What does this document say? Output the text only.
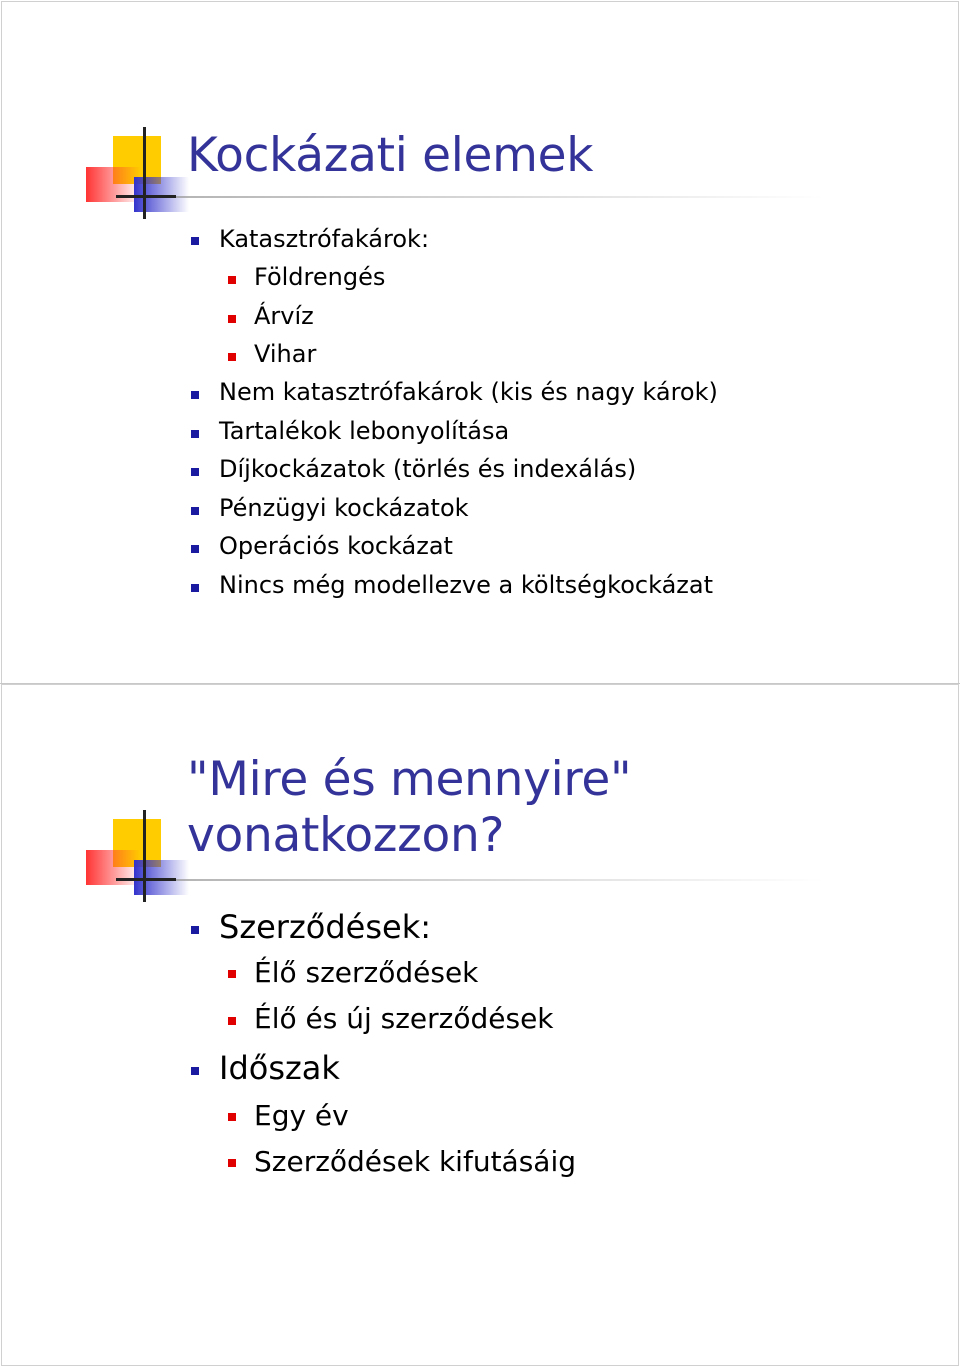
Kockázati elemek
Katasztrófakárok:
Földrengés
Árvíz
Vihar
Nem katasztrófakárok (kis és nagy károk)
Tartalékok lebonyolítása
Díjkockázatok (törlés és indexálás)
Pénzügyi kockázatok
Operációs kockázat
Nincs még modellezve a költségkockázat
"Mire és mennyire"
vonatkozzon?
Szerződések:
Élő szerződések
Élő és új szerződések
Időszak
Egy év
Szerződések kifutásáig
